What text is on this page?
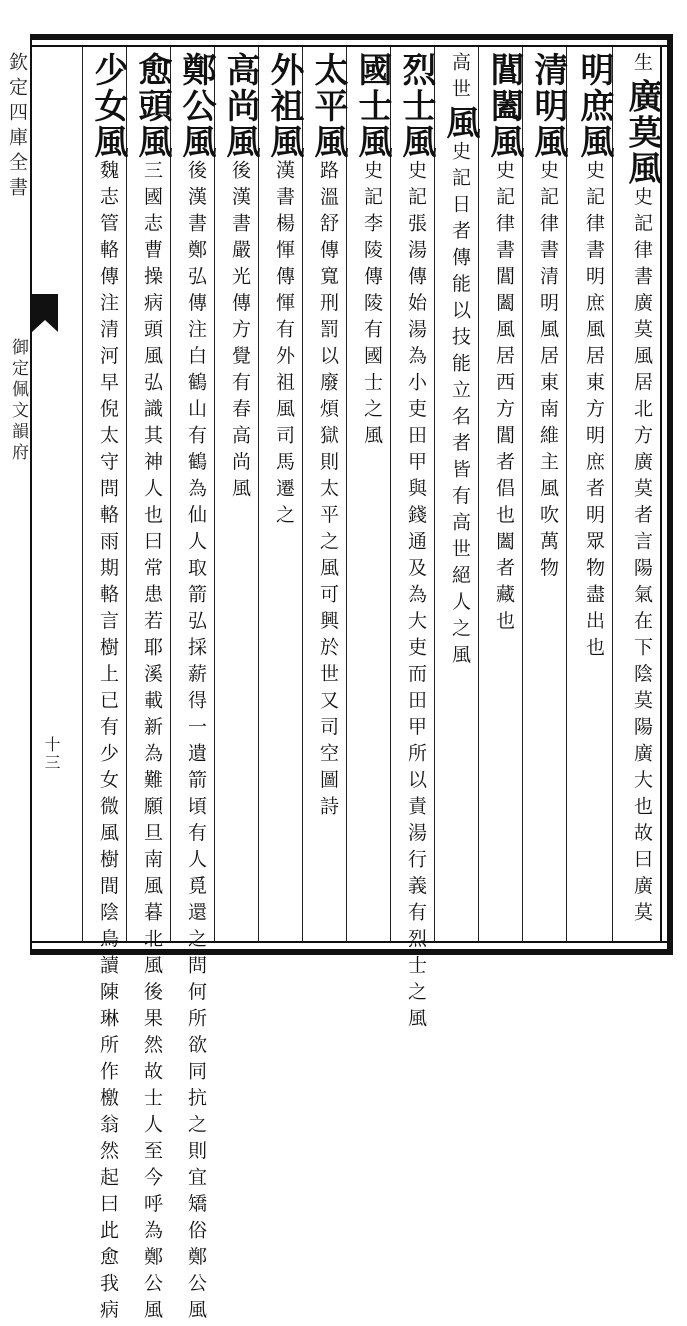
欽定四庫全書
御定佩文韻府
十三
生廣莫風史記律書廣莫風居北方廣莫者言陽氣在下陰莫陽廣大也故曰廣莫
明庶風史記律書明庶風居東方明庶者明眾物盡出也
清明風史記律書清明風居東南維主風吹萬物
閶闔風史記律書閶闔風居西方閶者倡也闔者藏也
高世風史記日者傳能以技能立名者皆有高世絕人之風
烈士風史記張湯傳始湯為小吏田甲與錢通及為大吏而田甲所以責湯行義有烈士之風
國士風史記李陵傳陵有國士之風
太平風路溫舒傳寬刑罰以廢煩獄則太平之風可興於世又司空圖詩
外祖風漢書楊惲傳惲有外祖風司馬遷之
高尚風後漢書嚴光傳方覺有春高尚風
鄭公風後漢書鄭弘傳注白鶴山有鶴為仙人取箭弘採薪得一遺箭頃有人覓還之問何所欲同抗之則宜矯俗鄭公風
愈頭風三國志曹操病頭風弘識其神人也曰常患若耶溪載新為難願旦南風暮北風後果然故士人至今呼為鄭公風
少女風魏志管輅傳注清河早倪太守問輅雨期輅言樹上已有少女微風樹間陰鳥讀陳琳所作檄翁然起曰此愈我病
